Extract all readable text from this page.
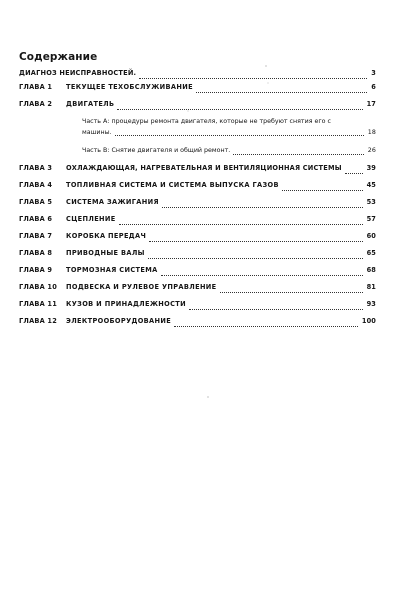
Содержание
ДИАГНОЗ НЕИСПРАВНОСТЕЙ.	3
ГЛАВА 1	ТЕКУЩЕЕ ТЕХОБСЛУЖИВАНИЕ	6
ГЛАВА 2	ДВИГАТЕЛЬ	17
Часть А: процедуры ремонта двигателя, которые не требуют снятия его с
машины.	18
Часть В: Снятие двигателя и общий ремонт.	26
ГЛАВА 3	ОХЛАЖДАЮЩАЯ, НАГРЕВАТЕЛЬНАЯ И ВЕНТИЛЯЦИОННАЯ СИСТЕМЫ	39
ГЛАВА 4	ТОПЛИВНАЯ СИСТЕМА И СИСТЕМА ВЫПУСКА ГАЗОВ	45
ГЛАВА 5	СИСТЕМА ЗАЖИГАНИЯ	53
ГЛАВА 6	СЦЕПЛЕНИЕ	57
ГЛАВА 7	КОРОБКА ПЕРЕДАЧ	60
ГЛАВА 8	ПРИВОДНЫЕ ВАЛЫ	65
ГЛАВА 9	ТОРМОЗНАЯ СИСТЕМА	68
ГЛАВА 10	ПОДВЕСКА И РУЛЕВОЕ УПРАВЛЕНИЕ	81
ГЛАВА 11	КУЗОВ И ПРИНАДЛЕЖНОСТИ	93
ГЛАВА 12	ЭЛЕКТРООБОРУДОВАНИЕ	100
